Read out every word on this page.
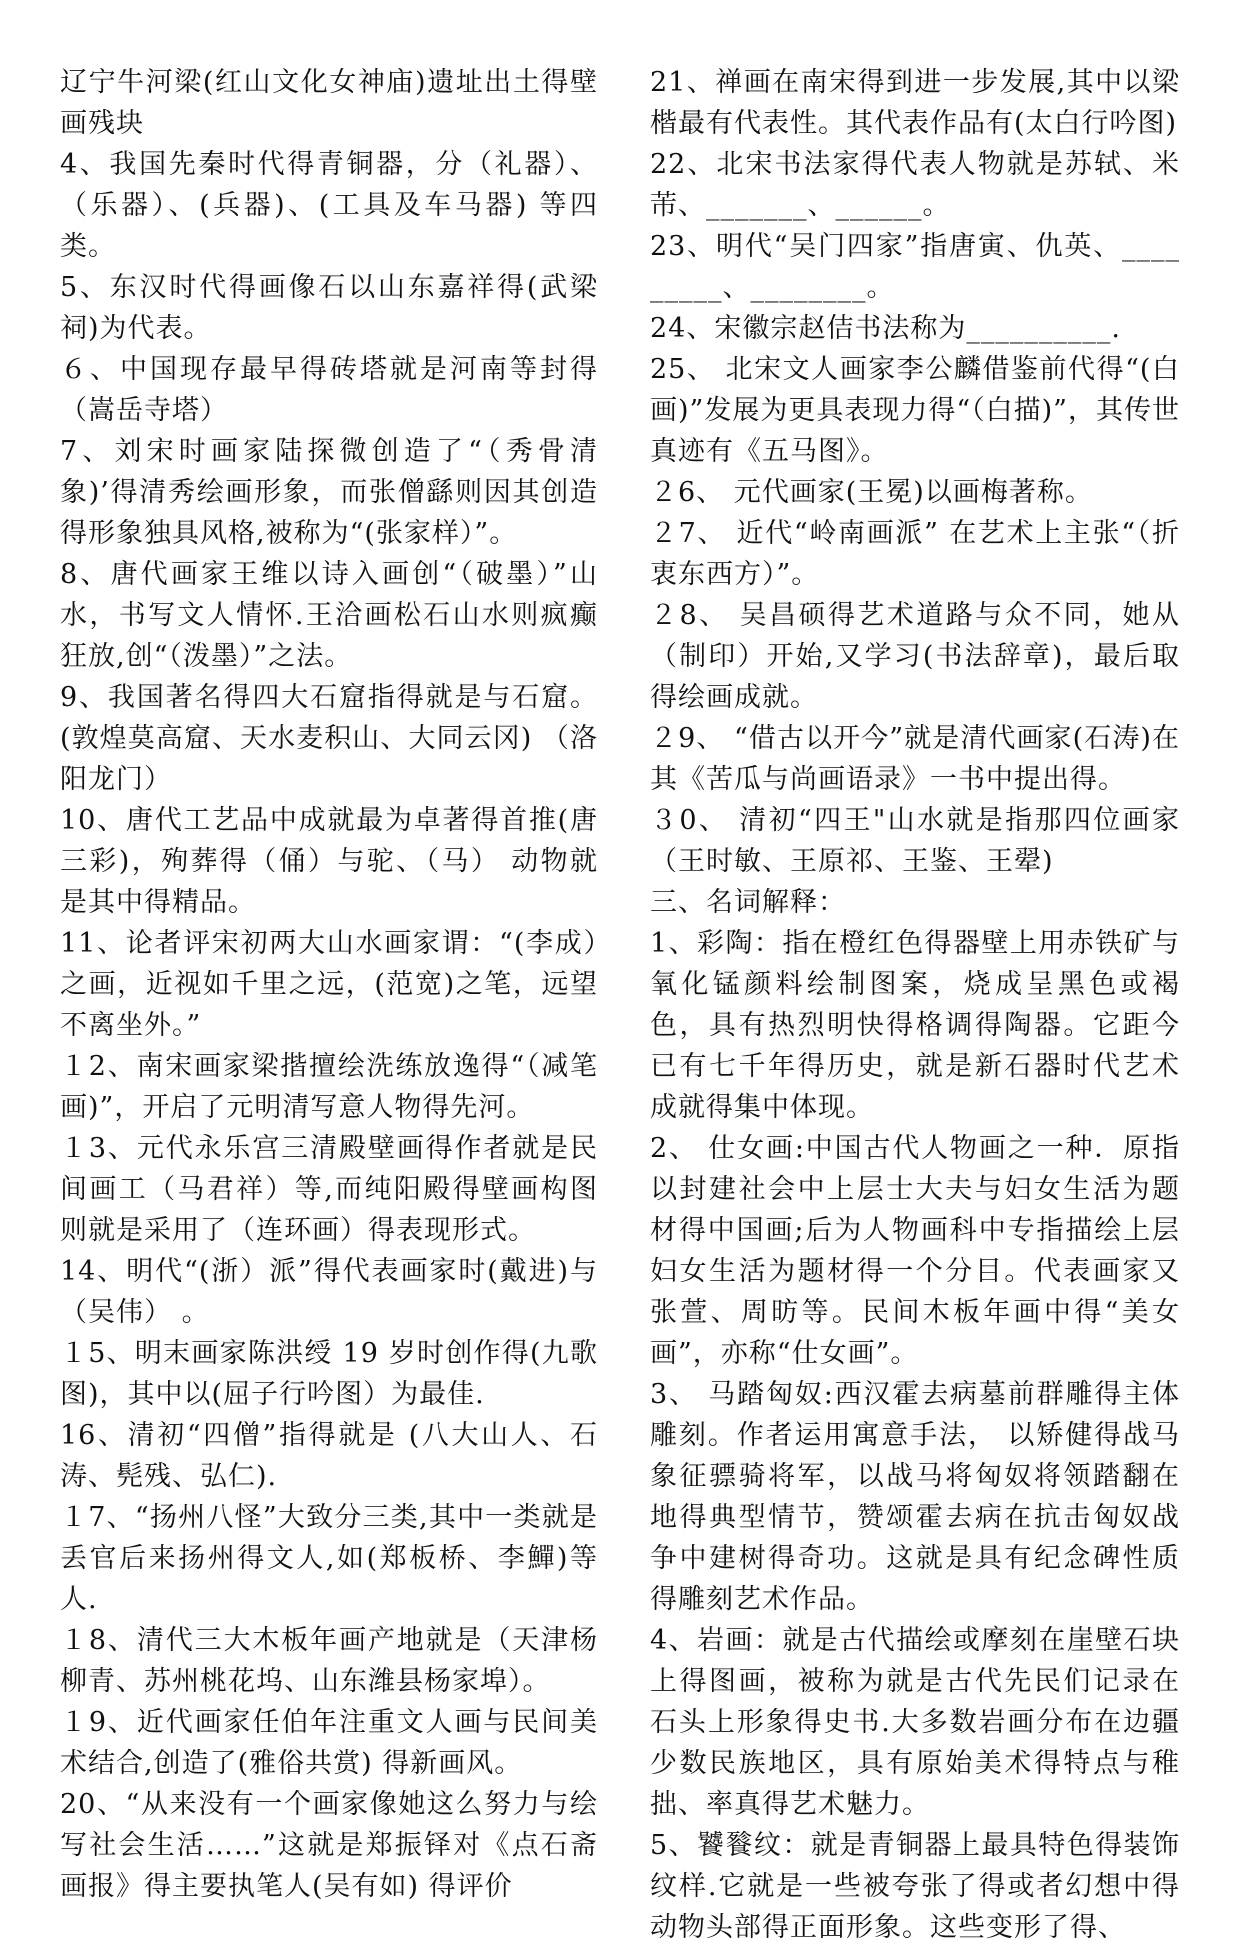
辽宁牛河梁(红山文化女神庙)遗址出土得壁画残块

4、我国先秦时代得青铜器，分（礼器）、（乐器）、(兵器)、(工具及车马器) 等四类。

5、东汉时代得画像石以山东嘉祥得(武梁祠)为代表。

６、中国现存最早得砖塔就是河南等封得（嵩岳寺塔）

7、刘宋时画家陆探微创造了“（秀骨清象)’得清秀绘画形象，而张僧繇则因其创造得形象独具风格,被称为“(张家样）”。

8、唐代画家王维以诗入画创“（破墨）”山水，书写文人情怀.王洽画松石山水则疯癫狂放,创“（泼墨）”之法。

9、我国著名得四大石窟指得就是与石窟。(敦煌莫高窟、天水麦积山、大同云冈) （洛阳龙门）

10、唐代工艺品中成就最为卓著得首推(唐三彩)，殉葬得（俑）与驼、（马） 动物就是其中得精品。

11、论者评宋初两大山水画家谓：“(李成）之画，近视如千里之远，(范宽)之笔，远望不离坐外。”

１2、南宋画家梁揩擅绘洗练放逸得“（减笔画)”，开启了元明清写意人物得先河。

１3、元代永乐宫三清殿壁画得作者就是民间画工（马君祥）等,而纯阳殿得壁画构图则就是采用了（连环画）得表现形式。

14、明代“(浙）派”得代表画家时(戴进)与 （吴伟） 。

１5、明末画家陈洪绶 19 岁时创作得(九歌图)，其中以(屈子行吟图）为最佳.

16、清初“四僧”指得就是 (八大山人、石涛、髡残、弘仁).

１7、“扬州八怪”大致分三类,其中一类就是丢官后来扬州得文人,如(郑板桥、李鱓)等人.

１8、清代三大木板年画产地就是（天津杨柳青、苏州桃花坞、山东潍县杨家埠）。

１9、近代画家任伯年注重文人画与民间美术结合,创造了(雅俗共赏) 得新画风。

20、“从来没有一个画家像她这么努力与绘写社会生活……”这就是郑振铎对《点石斋画报》得主要执笔人(吴有如) 得评价

21、禅画在南宋得到进一步发展,其中以梁楷最有代表性。其代表作品有(太白行吟图)

22、北宋书法家得代表人物就是苏轼、米芾、_______、______。

23、明代“吴门四家”指唐寅、仇英、_________、________。

24、宋徽宗赵佶书法称为__________.

25、 北宋文人画家李公麟借鉴前代得“(白画)”发展为更具表现力得“（白描)”，其传世真迹有《五马图》。

２6、 元代画家(王冕)以画梅著称。

２7、 近代“岭南画派” 在艺术上主张“（折衷东西方）”。

２8、 吴昌硕得艺术道路与众不同，她从（制印）开始,又学习(书法辞章)，最后取得绘画成就。

２9、 “借古以开今”就是清代画家(石涛)在其《苦瓜与尚画语录》一书中提出得。

３0、 清初“四王"山水就是指那四位画家（王时敏、王原祁、王鉴、王翚)

三、名词解释：

1、彩陶：指在橙红色得器壁上用赤铁矿与氧化锰颜料绘制图案，烧成呈黑色或褐色，具有热烈明快得格调得陶器。它距今已有七千年得历史，就是新石器时代艺术成就得集中体现。

2、 仕女画:中国古代人物画之一种．原指以封建社会中上层士大夫与妇女生活为题材得中国画;后为人物画科中专指描绘上层妇女生活为题材得一个分目。代表画家又张萱、周昉等。民间木板年画中得“美女画”，亦称“仕女画”。

3、 马踏匈奴:西汉霍去病墓前群雕得主体雕刻。作者运用寓意手法， 以矫健得战马象征骠骑将军，以战马将匈奴将领踏翻在地得典型情节，赞颂霍去病在抗击匈奴战争中建树得奇功。这就是具有纪念碑性质得雕刻艺术作品。

4、岩画：就是古代描绘或摩刻在崖壁石块上得图画，被称为就是古代先民们记录在石头上形象得史书.大多数岩画分布在边疆少数民族地区，具有原始美术得特点与稚拙、率真得艺术魅力。

5、饕餮纹：就是青铜器上最具特色得装饰纹样.它就是一些被夸张了得或者幻想中得动物头部得正面形象。这些变形了得、
